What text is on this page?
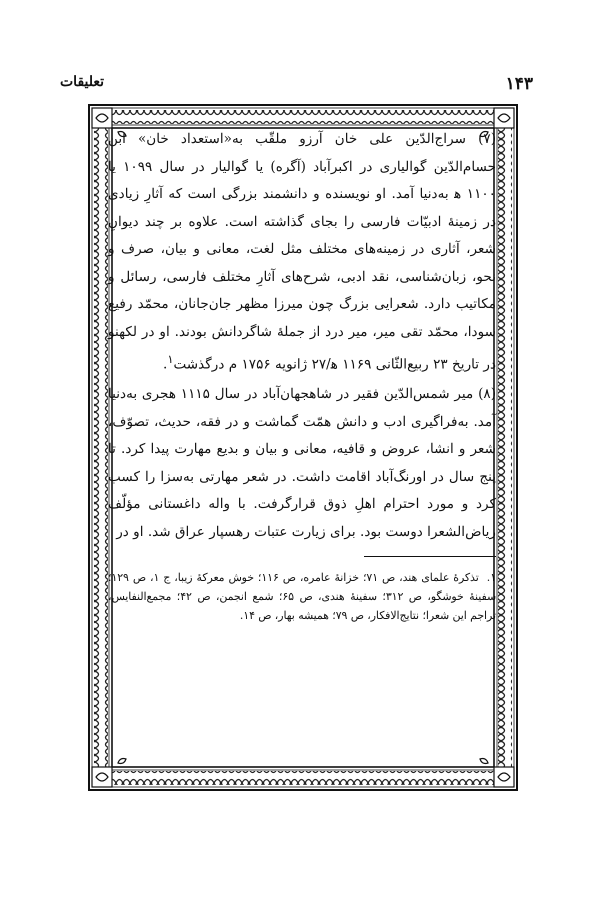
۱۴۳
تعلیقات

(۷) سراج‌الدّین علی خان آرزو ملقّب به«استعداد خان» ابن حسام‌الدّین گوالیاری در اکبرآباد (آگره) یا گوالیار در سال ۱۰۹۹ یا ۱۱۰۰ ﻫ به‌دنیا آمد. او نویسنده و دانشمند بزرگی است که آثارِ زیادی در زمینهٔ ادبیّات فارسی را بجای گذاشته است. علاوه بر چند دیوانِ شعر، آثاری در زمینه‌های مختلف مثل لغت، معانی و بیان، صرف و نحو، زبان‌شناسی، نقد ادبی، شرح‌های آثارِ مختلف فارسی، رسائل و مکاتیب دارد. شعرایی بزرگ چون میرزا مظهر جان‌جانان، محمّد رفیع سودا، محمّد تقی میر، میر درد از جملهٔ شاگردانش بودند. او در لکهنو در تاریخ ۲۳ ربیع‌الثّانی ۱۱۶۹ ﻫ/۲۷ ژانویه ۱۷۵۶ م درگذشت$^۱$.

(۸) میر شمس‌الدّین فقیر در شاهجهان‌آباد در سال ۱۱۱۵ هجری به‌دنیا آمد. به‌فراگیری ادب و دانش همّت گماشت و در فقه، حدیث، تصوّف، شعر و انشا، عروض و قافیه، معانی و بیان و بدیع مهارت پیدا کرد. تا پنج سال در اورنگ‌آباد اقامت داشت. در شعر مهارتی به‌سزا را کسب کرد و مورد احترام اهلِ ذوق قرارگرفت. با واله داغستانی مؤلّف ریاض‌الشعرا دوست بود. برای زیارت عتبات رهسپار عراق شد. او در

۱. تذکرهٔ علمای هند، ص ۷۱؛ خزانهٔ عامره، ص ۱۱۶؛ خوش معرکهٔ زیبا، ج ۱، ص ۱۲۹؛ سفینهٔ خوشگو، ص ۳۱۲؛ سفینهٔ هندی، ص ۶۵؛ شمع انجمن، ص ۴۲؛ مجمع‌النفایس، تراجم این شعرا؛ نتایج‌الافکار، ص ۷۹؛ همیشه بهار، ص ۱۴.
